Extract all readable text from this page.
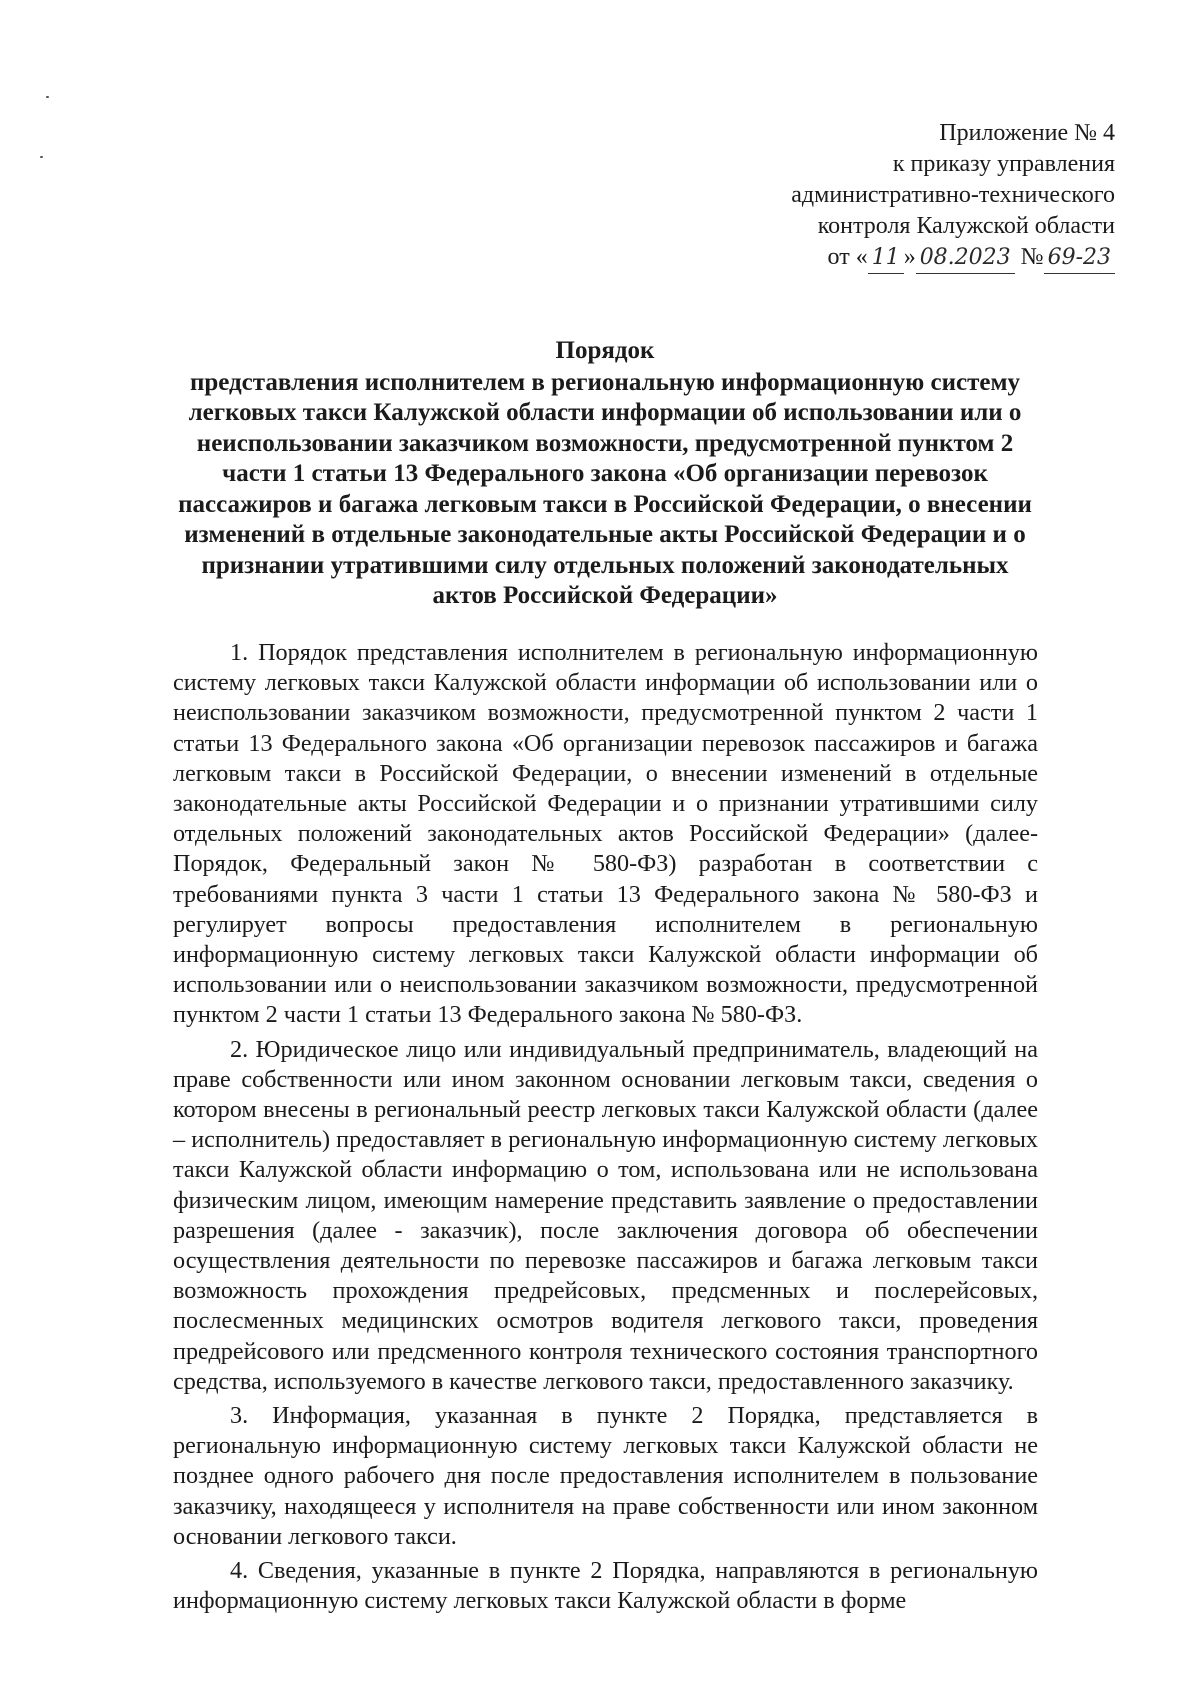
Приложение № 4
к приказу управления
административно-технического
контроля Калужской области
от « 11 » 08.2023 № 69-23
Порядок
представления исполнителем в региональную информационную систему легковых такси Калужской области информации об использовании или о неиспользовании заказчиком возможности, предусмотренной пунктом 2 части 1 статьи 13 Федерального закона «Об организации перевозок пассажиров и багажа легковым такси в Российской Федерации, о внесении изменений в отдельные законодательные акты Российской Федерации и о признании утратившими силу отдельных положений законодательных актов Российской Федерации»

1. Порядок представления исполнителем в региональную информационную систему легковых такси Калужской области информации об использовании или о неиспользовании заказчиком возможности, предусмотренной пунктом 2 части 1 статьи 13 Федерального закона «Об организации перевозок пассажиров и багажа легковым такси в Российской Федерации, о внесении изменений в отдельные законодательные акты Российской Федерации и о признании утратившими силу отдельных положений законодательных актов Российской Федерации» (далее- Порядок, Федеральный закон № 580-ФЗ) разработан в соответствии с требованиями пункта 3 части 1 статьи 13 Федерального закона № 580-ФЗ и регулирует вопросы предоставления исполнителем в региональную информационную систему легковых такси Калужской области информации об использовании или о неиспользовании заказчиком возможности, предусмотренной пунктом 2 части 1 статьи 13 Федерального закона № 580-ФЗ.

2. Юридическое лицо или индивидуальный предприниматель, владеющий на праве собственности или ином законном основании легковым такси, сведения о котором внесены в региональный реестр легковых такси Калужской области (далее – исполнитель) предоставляет в региональную информационную систему легковых такси Калужской области информацию о том, использована или не использована физическим лицом, имеющим намерение представить заявление о предоставлении разрешения (далее - заказчик), после заключения договора об обеспечении осуществления деятельности по перевозке пассажиров и багажа легковым такси возможность прохождения предрейсовых, предсменных и послерейсовых, послесменных медицинских осмотров водителя легкового такси, проведения предрейсового или предсменного контроля технического состояния транспортного средства, используемого в качестве легкового такси, предоставленного заказчику.

3. Информация, указанная в пункте 2 Порядка, представляется в региональную информационную систему легковых такси Калужской области не позднее одного рабочего дня после предоставления исполнителем в пользование заказчику, находящееся у исполнителя на праве собственности или ином законном основании легкового такси.

4. Сведения, указанные в пункте 2 Порядка, направляются в региональную информационную систему легковых такси Калужской области в форме
